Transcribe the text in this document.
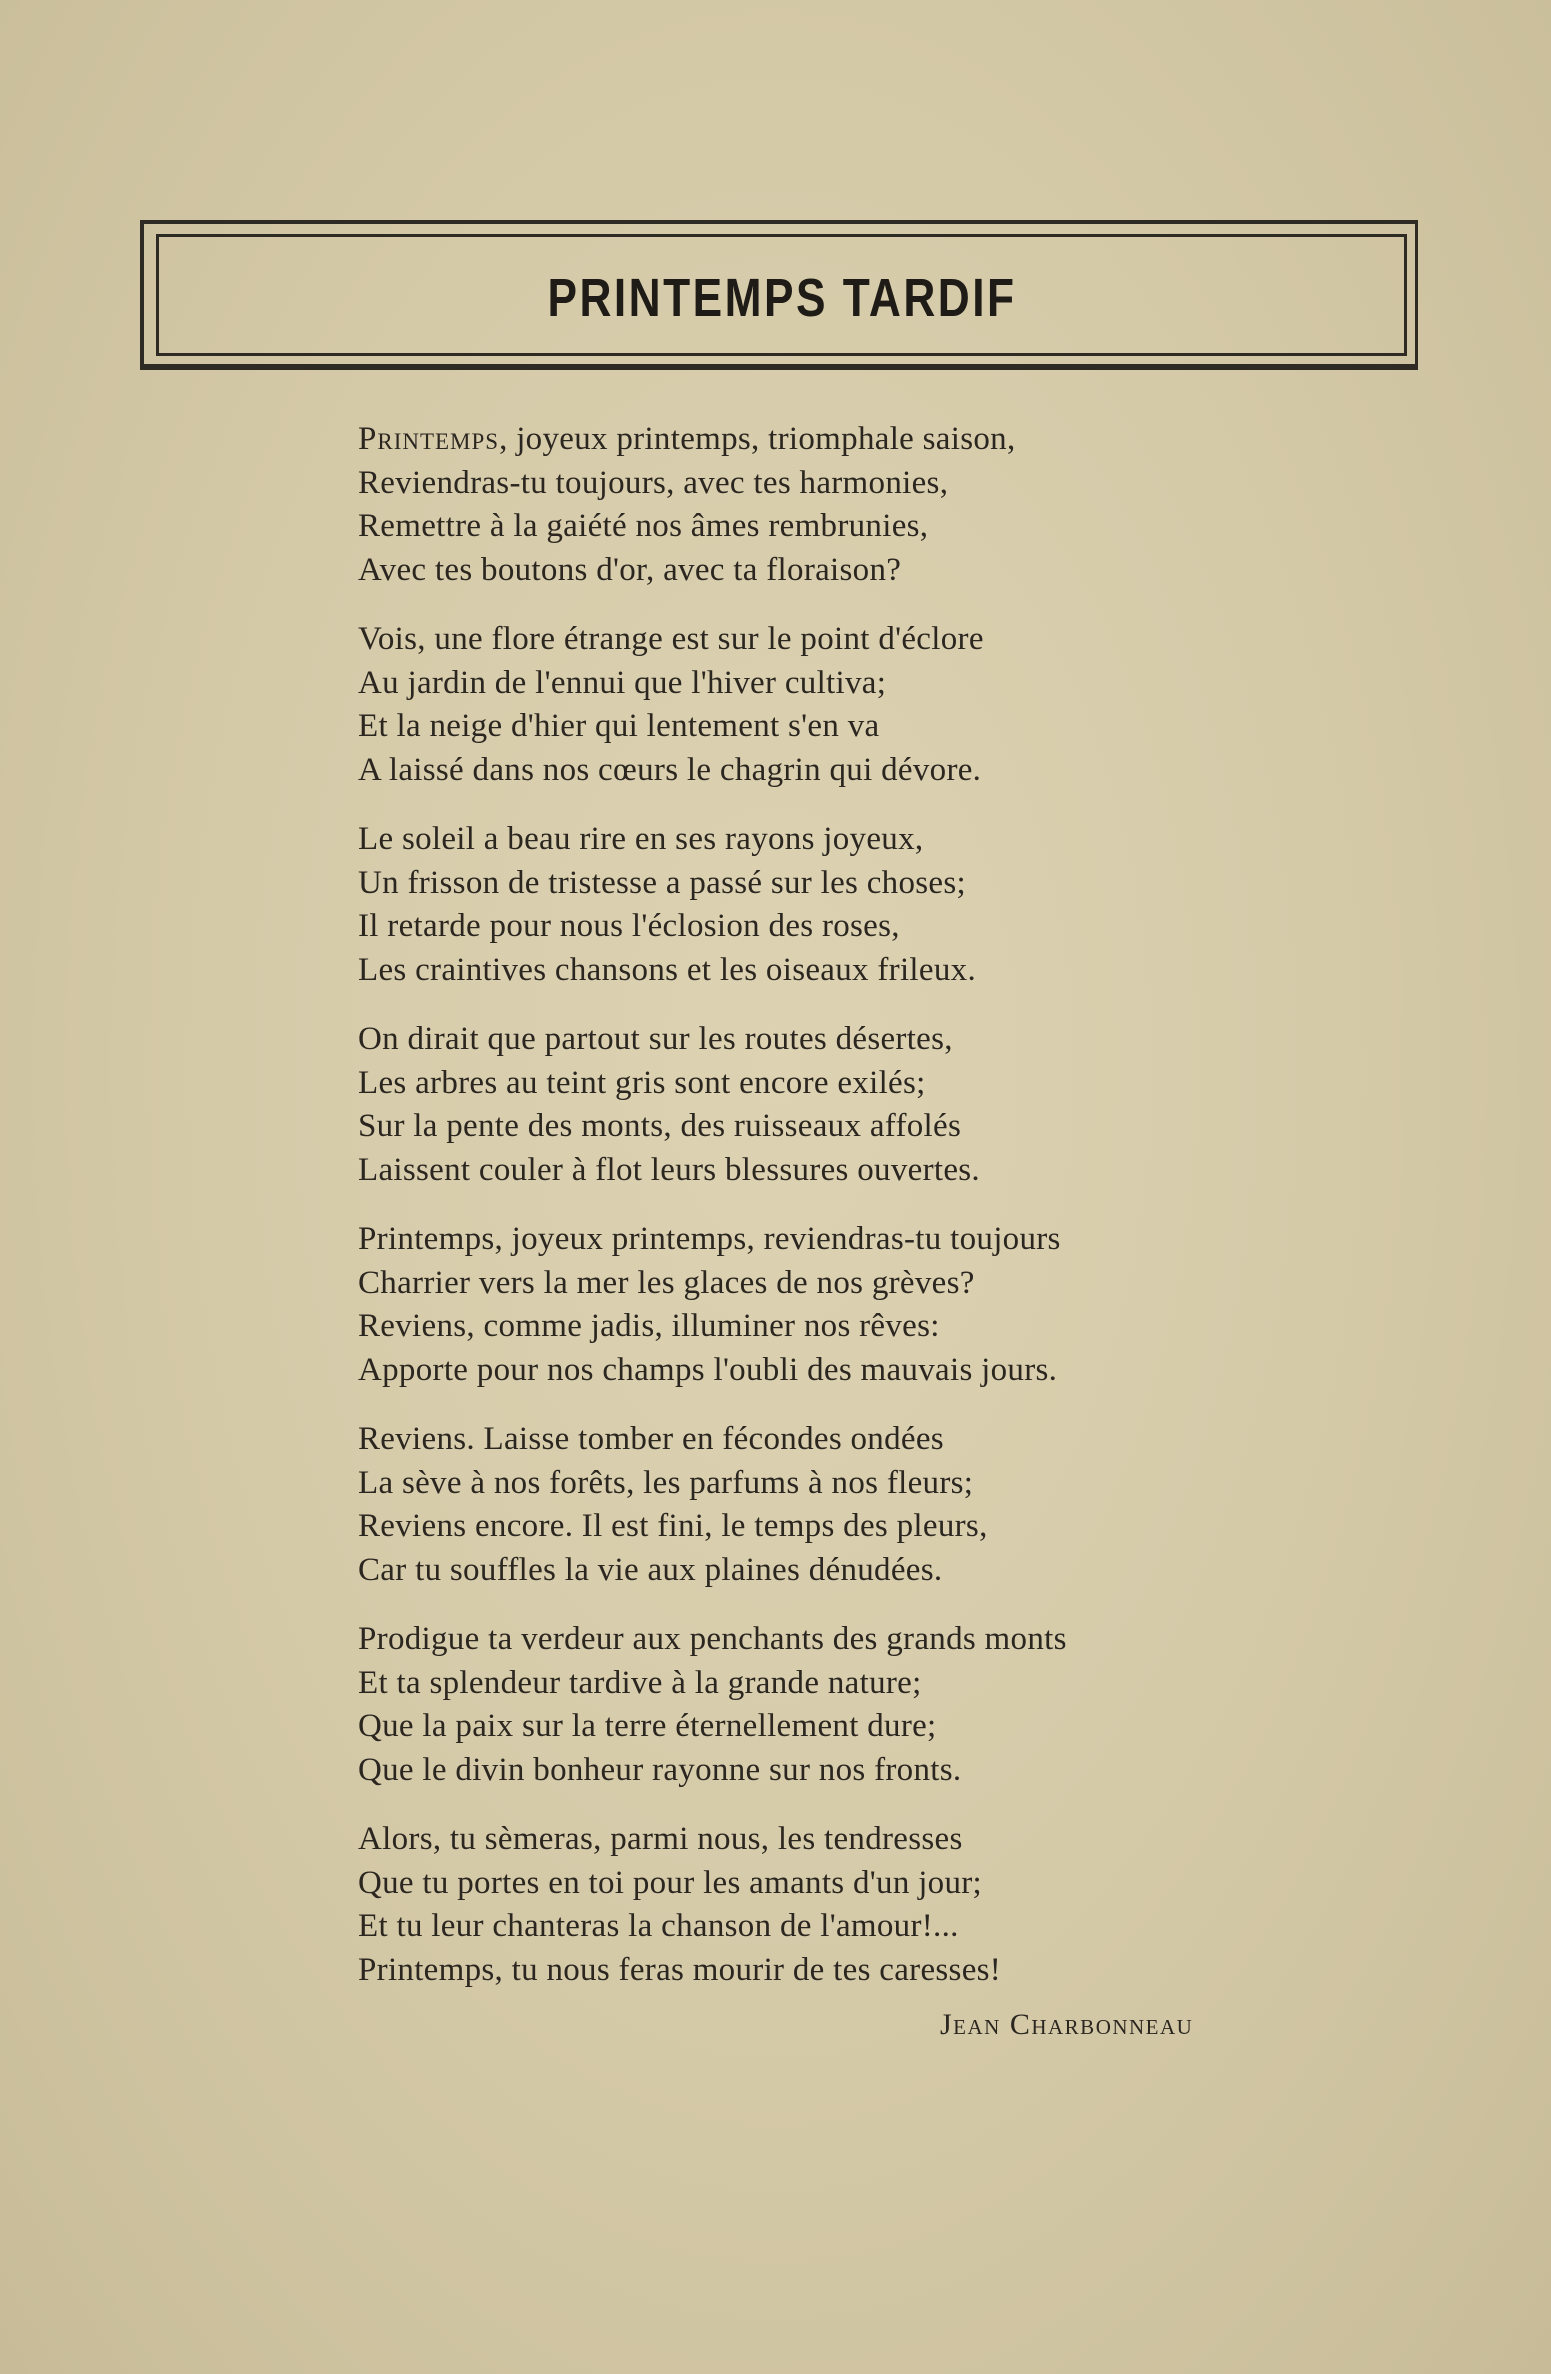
PRINTEMPS TARDIF
Printemps, joyeux printemps, triomphale saison,
Reviendras-tu toujours, avec tes harmonies,
Remettre à la gaiété nos âmes rembrunies,
Avec tes boutons d'or, avec ta floraison?
Vois, une flore étrange est sur le point d'éclore
Au jardin de l'ennui que l'hiver cultiva;
Et la neige d'hier qui lentement s'en va
A laissé dans nos cœurs le chagrin qui dévore.
Le soleil a beau rire en ses rayons joyeux,
Un frisson de tristesse a passé sur les choses;
Il retarde pour nous l'éclosion des roses,
Les craintives chansons et les oiseaux frileux.
On dirait que partout sur les routes désertes,
Les arbres au teint gris sont encore exilés;
Sur la pente des monts, des ruisseaux affolés
Laissent couler à flot leurs blessures ouvertes.
Printemps, joyeux printemps, reviendras-tu toujours
Charrier vers la mer les glaces de nos grèves?
Reviens, comme jadis, illuminer nos rêves:
Apporte pour nos champs l'oubli des mauvais jours.
Reviens. Laisse tomber en fécondes ondées
La sève à nos forêts, les parfums à nos fleurs;
Reviens encore. Il est fini, le temps des pleurs,
Car tu souffles la vie aux plaines dénudées.
Prodigue ta verdeur aux penchants des grands monts
Et ta splendeur tardive à la grande nature;
Que la paix sur la terre éternellement dure;
Que le divin bonheur rayonne sur nos fronts.
Alors, tu sèmeras, parmi nous, les tendresses
Que tu portes en toi pour les amants d'un jour;
Et tu leur chanteras la chanson de l'amour!...
Printemps, tu nous feras mourir de tes caresses!
Jean Charbonneau
